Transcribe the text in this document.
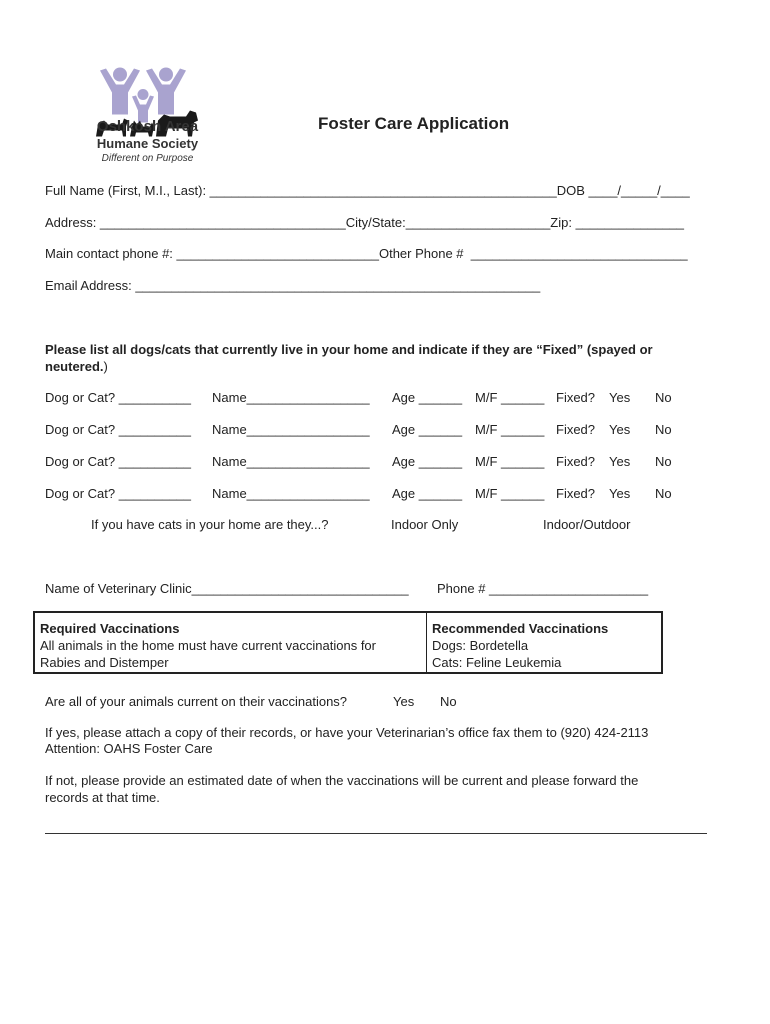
Oshkosh Area
Humane Society
Different on Purpose
Foster Care Application
Full Name (First, M.I., Last): ________________________________________________DOB ____/_____/____
Address: __________________________________City/State:____________________Zip: _______________
Main contact phone #: ____________________________Other Phone #  ______________________________
Email Address: ________________________________________________________
Please list all dogs/cats that currently live in your home and indicate if they are “Fixed” (spayed or
neutered.)
Dog or Cat? __________ Name_________________ Age ______ M/F ______ Fixed? Yes No
Dog or Cat? __________ Name_________________ Age ______ M/F ______ Fixed? Yes No
Dog or Cat? __________ Name_________________ Age ______ M/F ______ Fixed? Yes No
Dog or Cat? __________ Name_________________ Age ______ M/F ______ Fixed? Yes No
If you have cats in your home are they...?	Indoor Only	Indoor/Outdoor
Name of Veterinary Clinic______________________________ Phone # ______________________
Required Vaccinations
All animals in the home must have current vaccinations for
Rabies and Distemper
Recommended Vaccinations
Dogs: Bordetella
Cats: Feline Leukemia
Are all of your animals current on their vaccinations?	Yes No
If yes, please attach a copy of their records, or have your Veterinarian’s office fax them to (920) 424-2113
Attention: OAHS Foster Care
If not, please provide an estimated date of when the vaccinations will be current and please forward the
records at that time.
